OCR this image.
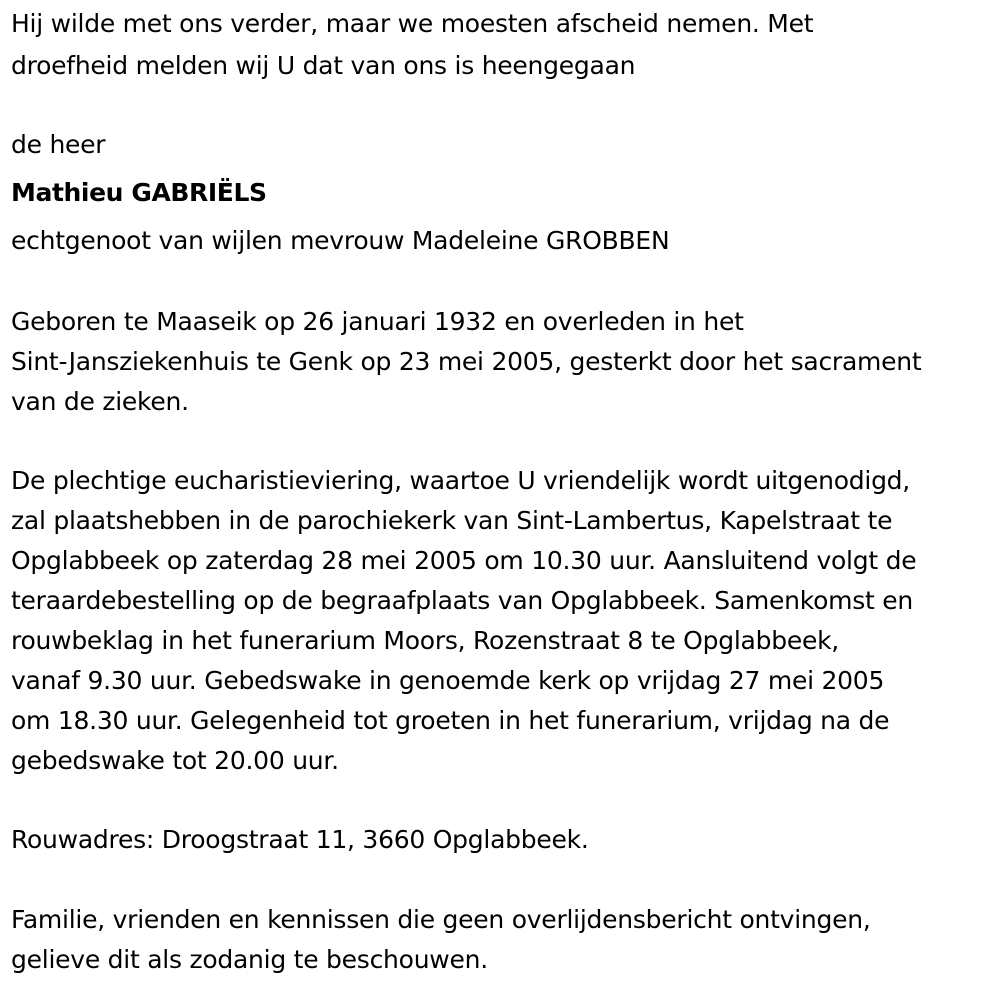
Hij wilde met ons verder, maar we moesten afscheid nemen. Met
droefheid melden wij U dat van ons is heengegaan
de heer
Mathieu GABRIËLS
echtgenoot van wijlen mevrouw Madeleine GROBBEN
Geboren te Maaseik op 26 januari 1932 en overleden in het
Sint-Jansziekenhuis te Genk op 23 mei 2005, gesterkt door het sacrament
van de zieken.
De plechtige eucharistieviering, waartoe U vriendelijk wordt uitgenodigd,
zal plaatshebben in de parochiekerk van Sint-Lambertus, Kapelstraat te
Opglabbeek op zaterdag 28 mei 2005 om 10.30 uur. Aansluitend volgt de
teraardebestelling op de begraafplaats van Opglabbeek. Samenkomst en
rouwbeklag in het funerarium Moors, Rozenstraat 8 te Opglabbeek,
vanaf 9.30 uur. Gebedswake in genoemde kerk op vrijdag 27 mei 2005
om 18.30 uur. Gelegenheid tot groeten in het funerarium, vrijdag na de
gebedswake tot 20.00 uur.
Rouwadres: Droogstraat 11, 3660 Opglabbeek.
Familie, vrienden en kennissen die geen overlijdensbericht ontvingen,
gelieve dit als zodanig te beschouwen.
